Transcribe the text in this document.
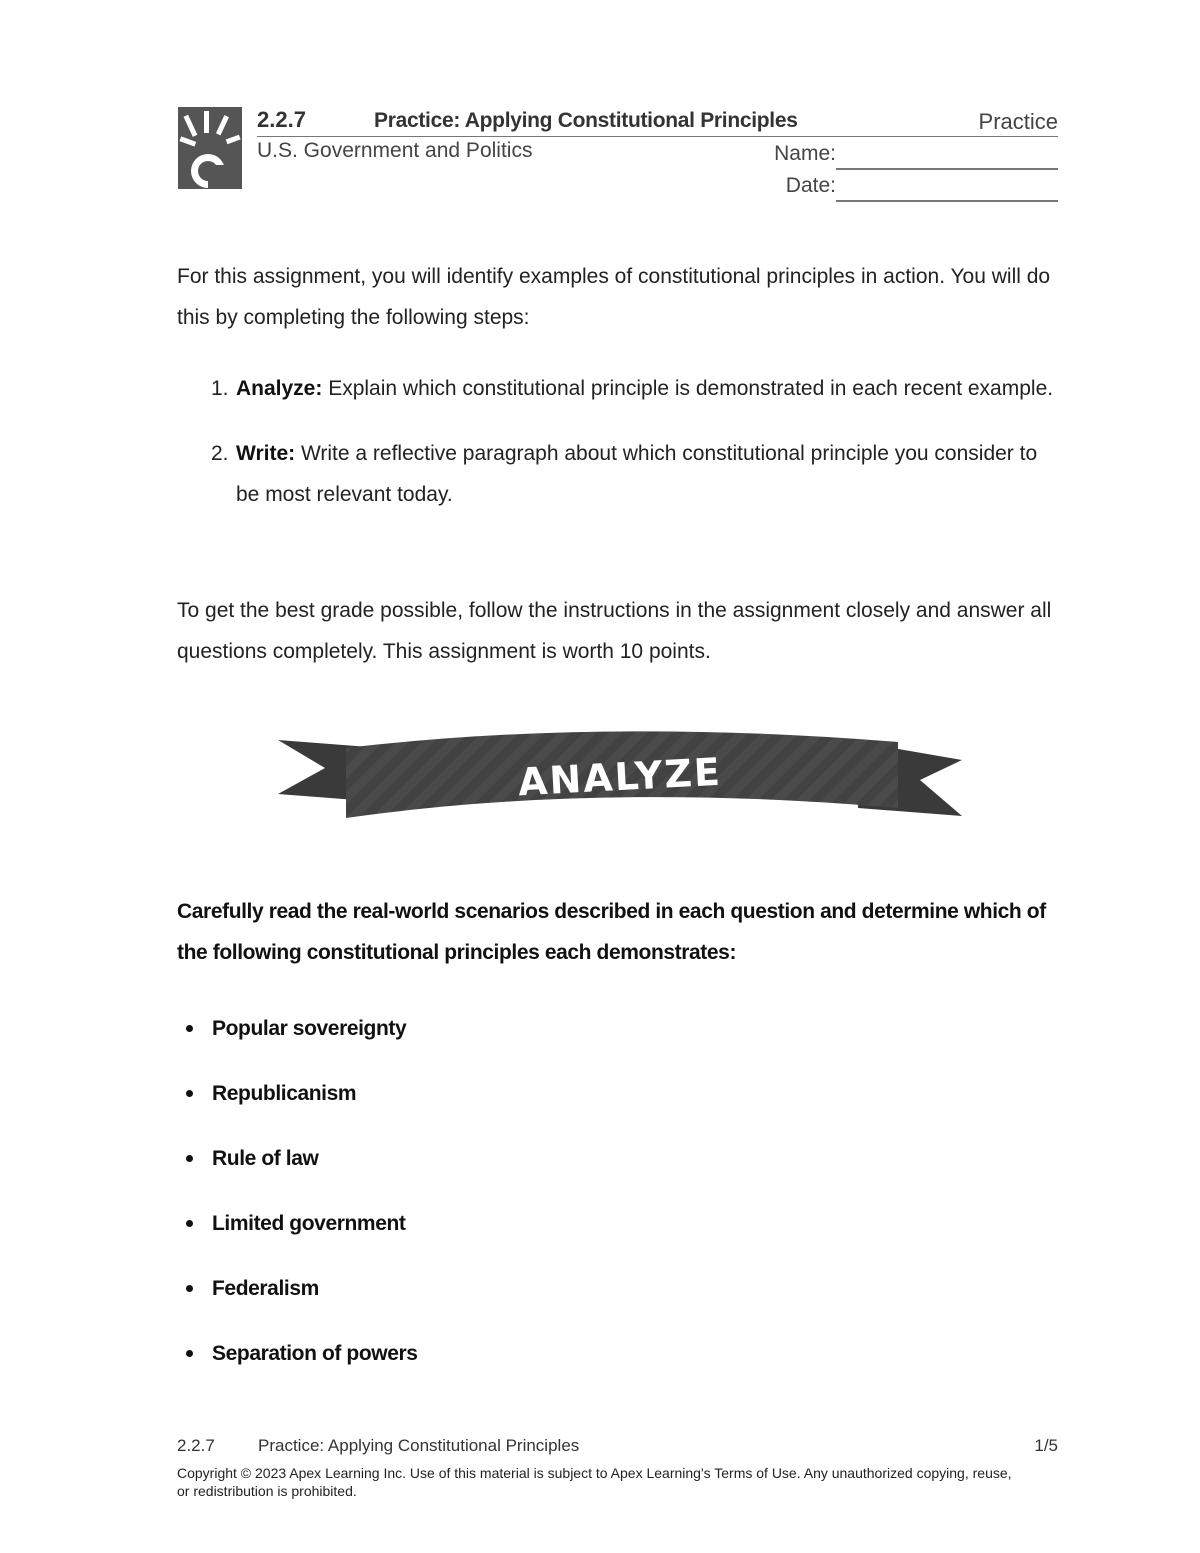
2.2.7	Practice: Applying Constitutional Principles	Practice
U.S. Government and Politics	Name:
Date:

For this assignment, you will identify examples of constitutional principles in action. You will do this by completing the following steps:

1. Analyze: Explain which constitutional principle is demonstrated in each recent example.
2. Write: Write a reflective paragraph about which constitutional principle you consider to be most relevant today.

To get the best grade possible, follow the instructions in the assignment closely and answer all questions completely. This assignment is worth 10 points.

ANALYZE

Carefully read the real-world scenarios described in each question and determine which of the following constitutional principles each demonstrates:

Popular sovereignty
Republicanism
Rule of law
Limited government
Federalism
Separation of powers
2.2.7	Practice: Applying Constitutional Principles	1/5

Copyright © 2023 Apex Learning Inc. Use of this material is subject to Apex Learning's Terms of Use. Any unauthorized copying, reuse, or redistribution is prohibited.
